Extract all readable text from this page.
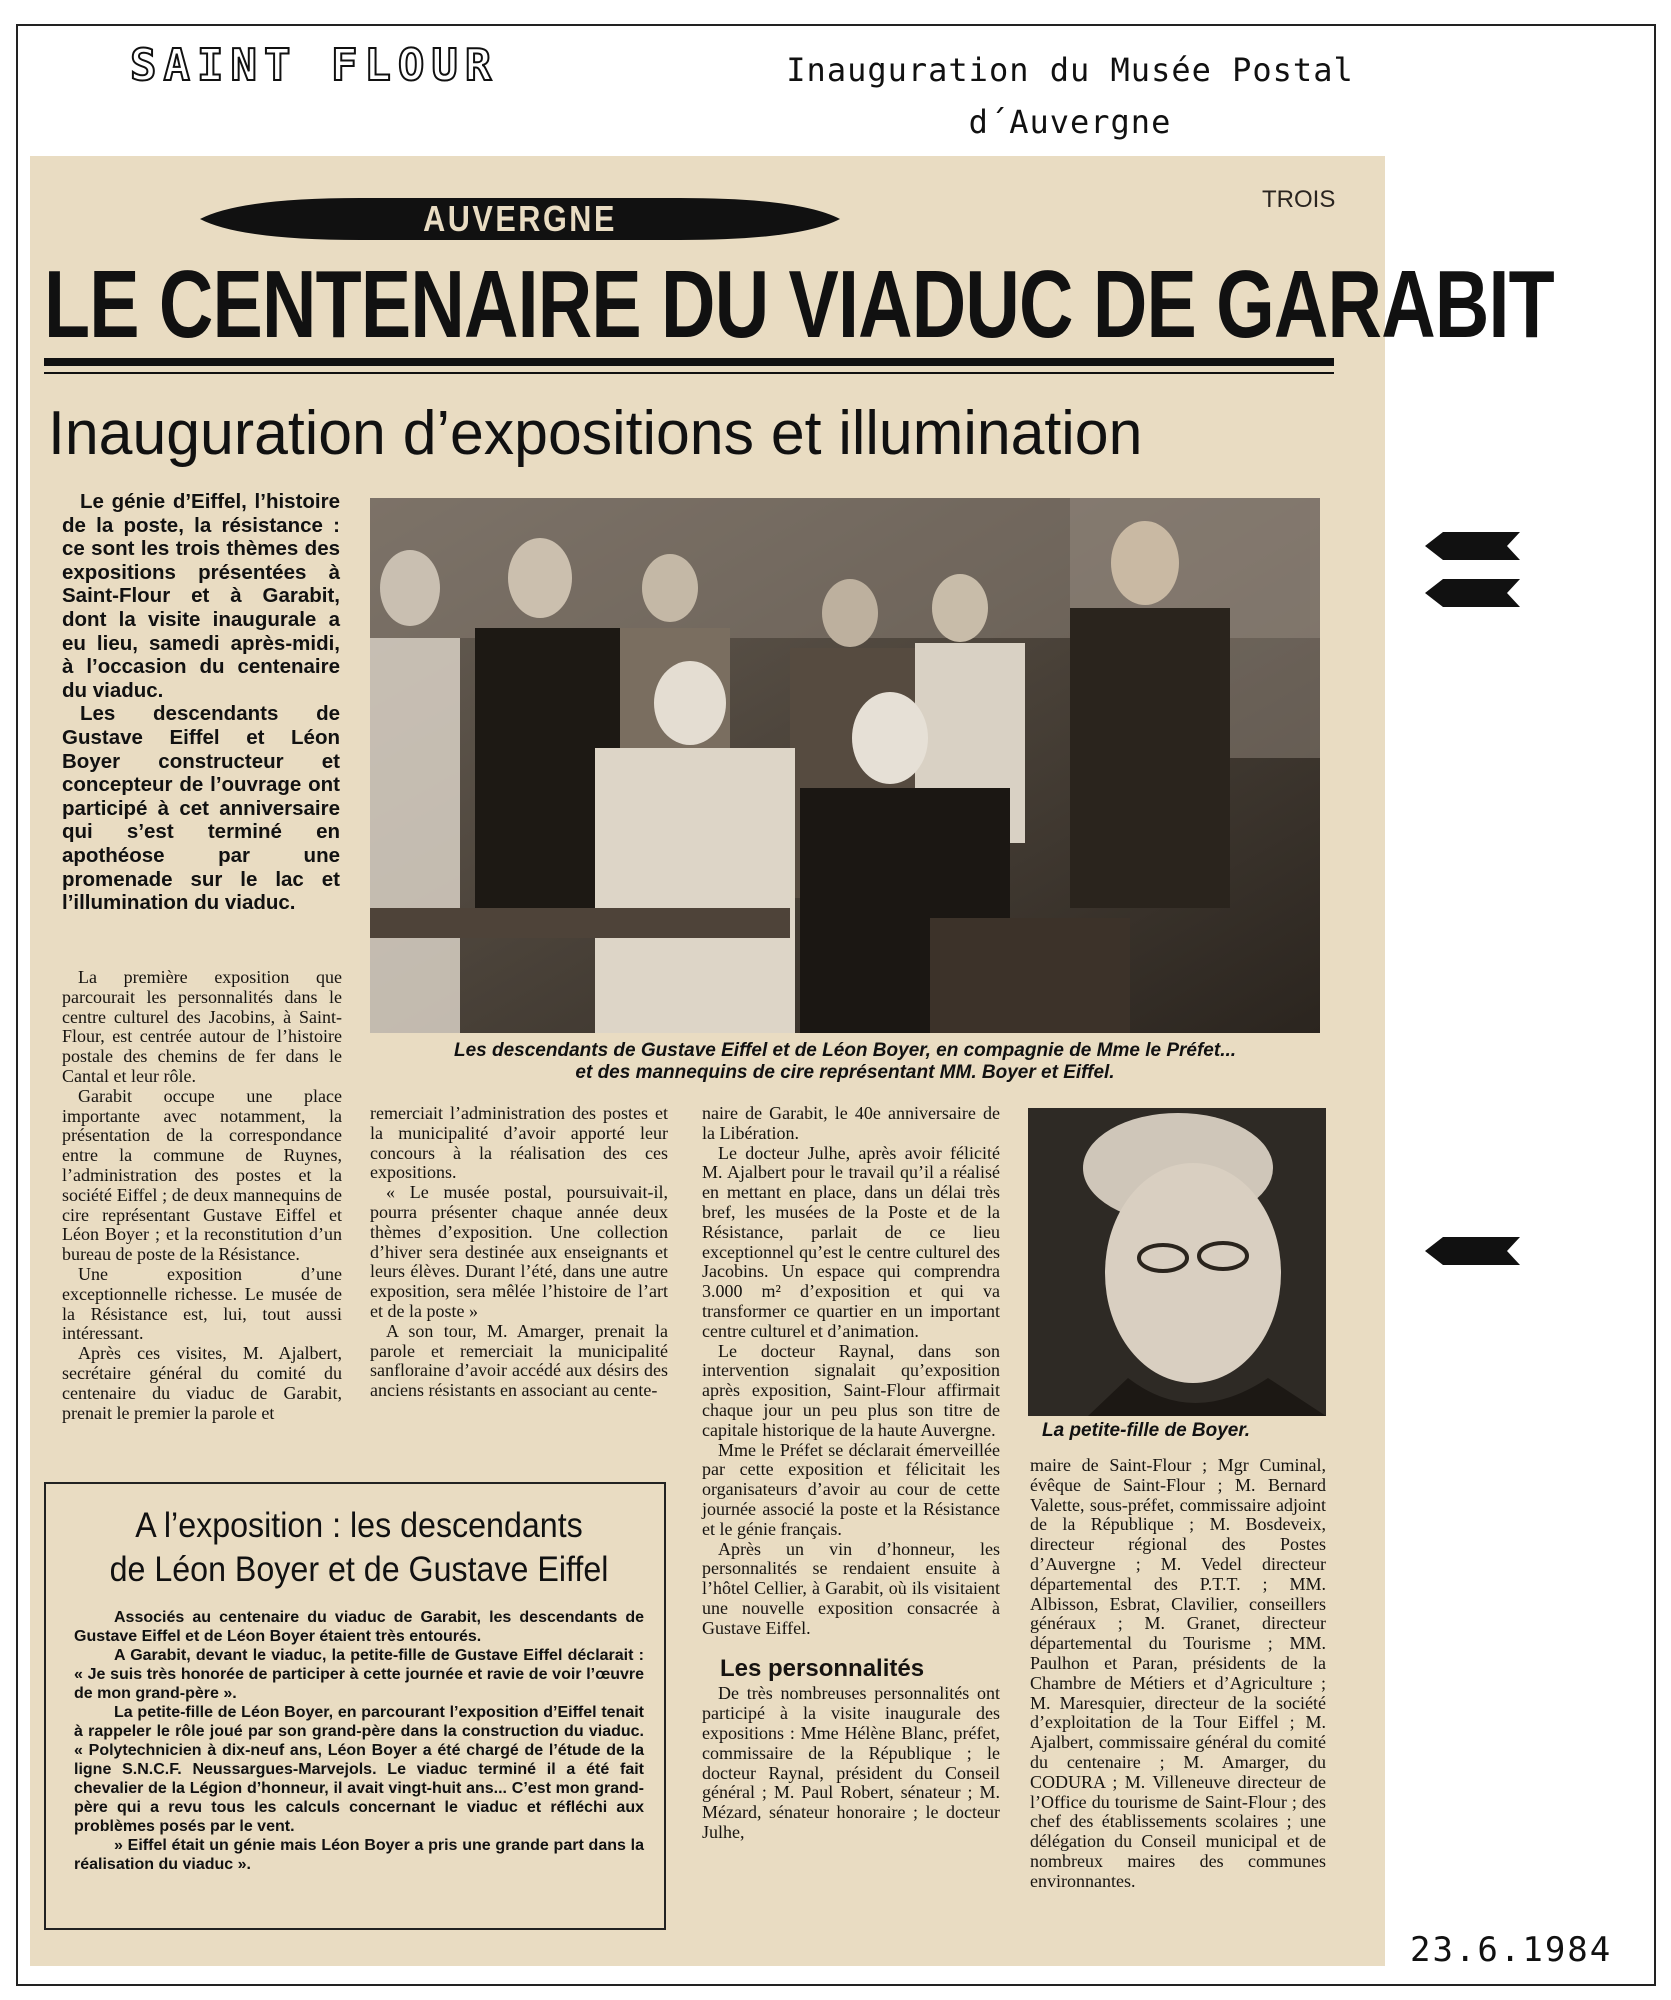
SAINT FLOUR	Inauguration du Musée Postal
d´Auvergne
AUVERGNE	TROIS
LE CENTENAIRE DU VIADUC DE GARABIT
Inauguration d’expositions et illumination

Le génie d’Eiffel, l’histoire de la poste, la résistance : ce sont les trois thèmes des expositions présentées à Saint-Flour et à Garabit, dont la visite inaugurale a eu lieu, samedi après-midi, à l’occasion du centenaire du viaduc.

Les descendants de Gustave Eiffel et Léon Boyer constructeur et concepteur de l’ouvrage ont participé à cet anniversaire qui s’est terminé en apothéose par une promenade sur le lac et l’illumination du viaduc.

Les descendants de Gustave Eiffel et de Léon Boyer, en compagnie de Mme le Préfet...
et des mannequins de cire représentant MM. Boyer et Eiffel.

La première exposition que parcourait les personnalités dans le centre culturel des Jacobins, à Saint-Flour, est centrée autour de l’histoire postale des chemins de fer dans le Cantal et leur rôle.

Garabit occupe une place importante avec notamment, la présentation de la correspondance entre la commune de Ruynes, l’administration des postes et la société Eiffel ; de deux mannequins de cire représentant Gustave Eiffel et Léon Boyer ; et la reconstitution d’un bureau de poste de la Résistance.

Une exposition d’une exceptionnelle richesse. Le musée de la Résistance est, lui, tout aussi intéressant.

Après ces visites, M. Ajalbert, secrétaire général du comité du centenaire du viaduc de Garabit, prenait le premier la parole et

remerciait l’administration des postes et la municipalité d’avoir apporté leur concours à la réalisation des ces expositions.

« Le musée postal, poursuivait-il, pourra présenter chaque année deux thèmes d’exposition. Une collection d’hiver sera destinée aux enseignants et leurs élèves. Durant l’été, dans une autre exposition, sera mêlée l’histoire de l’art et de la poste »

A son tour, M. Amarger, prenait la parole et remerciait la municipalité sanfloraine d’avoir accédé aux désirs des anciens résistants en associant au cente-

naire de Garabit, le 40e anniversaire de la Libération.

Le docteur Julhe, après avoir félicité M. Ajalbert pour le travail qu’il a réalisé en mettant en place, dans un délai très bref, les musées de la Poste et de la Résistance, parlait de ce lieu exceptionnel qu’est le centre culturel des Jacobins. Un espace qui comprendra 3.000 m² d’exposition et qui va transformer ce quartier en un important centre culturel et d’animation.

Le docteur Raynal, dans son intervention signalait qu’exposition après exposition, Saint-Flour affirmait chaque jour un peu plus son titre de capitale historique de la haute Auvergne.

Mme le Préfet se déclarait émerveillée par cette exposition et félicitait les organisateurs d’avoir au cour de cette journée associé la poste et la Résistance et le génie français.

Après un vin d’honneur, les personnalités se rendaient ensuite à l’hôtel Cellier, à Garabit, où ils visitaient une nouvelle exposition consacrée à Gustave Eiffel.

Les personnalités

De très nombreuses personnalités ont participé à la visite inaugurale des expositions : Mme Hélène Blanc, préfet, commissaire de la République ; le docteur Raynal, président du Conseil général ; M. Paul Robert, sénateur ; M. Mézard, sénateur honoraire ; le docteur Julhe,

La petite-fille de Boyer.

maire de Saint-Flour ; Mgr Cuminal, évêque de Saint-Flour ; M. Bernard Valette, sous-préfet, commissaire adjoint de la République ; M. Bosdeveix, directeur régional des Postes d’Auvergne ; M. Vedel directeur départemental des P.T.T. ; MM. Albisson, Esbrat, Clavilier, conseillers généraux ; M. Granet, directeur départemental du Tourisme ; MM. Paulhon et Paran, présidents de la Chambre de Métiers et d’Agriculture ; M. Maresquier, directeur de la société d’exploitation de la Tour Eiffel ; M. Ajalbert, commissaire général du comité du centenaire ; M. Amarger, du CODURA ; M. Villeneuve directeur de l’Office du tourisme de Saint-Flour ; des chef des établissements scolaires ; une délégation du Conseil municipal et de nombreux maires des communes environnantes.

A l’exposition : les descendants
de Léon Boyer et de Gustave Eiffel

Associés au centenaire du viaduc de Garabit, les descendants de Gustave Eiffel et de Léon Boyer étaient très entourés.

A Garabit, devant le viaduc, la petite-fille de Gustave Eiffel déclarait : « Je suis très honorée de participer à cette journée et ravie de voir l’œuvre de mon grand-père ».

La petite-fille de Léon Boyer, en parcourant l’exposition d’Eiffel tenait à rappeler le rôle joué par son grand-père dans la construction du viaduc. « Polytechnicien à dix-neuf ans, Léon Boyer a été chargé de l’étude de la ligne S.N.C.F. Neussargues-Marvejols. Le viaduc terminé il a été fait chevalier de la Légion d’honneur, il avait vingt-huit ans... C’est mon grand-père qui a revu tous les calculs concernant le viaduc et réfléchi aux problèmes posés par le vent.

» Eiffel était un génie mais Léon Boyer a pris une grande part dans la réalisation du viaduc ».

23.6.1984
